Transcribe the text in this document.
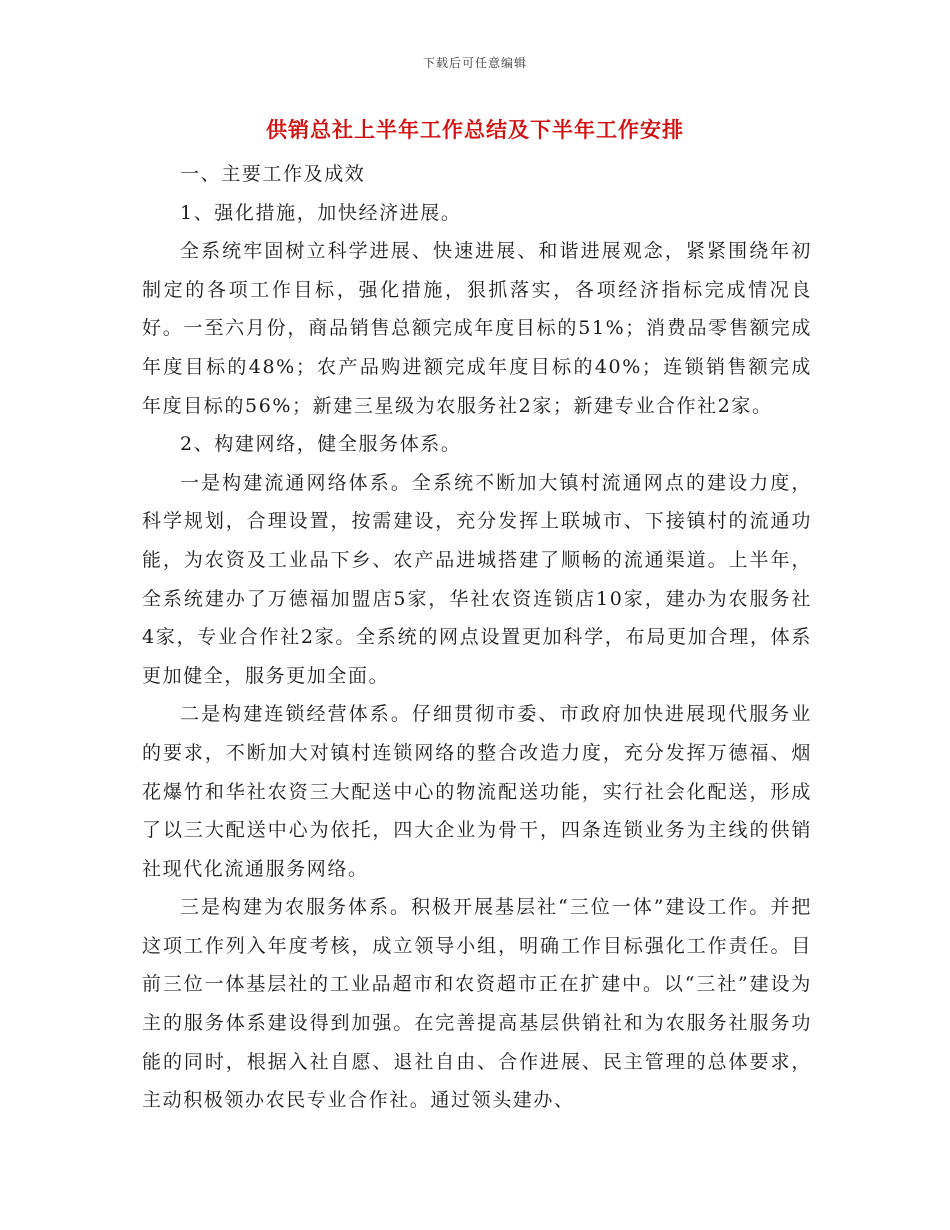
下载后可任意编辑
供销总社上半年工作总结及下半年工作安排

一、主要工作及成效

1、强化措施，加快经济进展。

全系统牢固树立科学进展、快速进展、和谐进展观念，紧紧围绕年初制定的各项工作目标，强化措施，狠抓落实，各项经济指标完成情况良好。一至六月份，商品销售总额完成年度目标的51%；消费品零售额完成年度目标的48%；农产品购进额完成年度目标的40%；连锁销售额完成年度目标的56%；新建三星级为农服务社2家；新建专业合作社2家。

2、构建网络，健全服务体系。

一是构建流通网络体系。全系统不断加大镇村流通网点的建设力度，科学规划，合理设置，按需建设，充分发挥上联城市、下接镇村的流通功能，为农资及工业品下乡、农产品进城搭建了顺畅的流通渠道。上半年，全系统建办了万德福加盟店5家，华社农资连锁店10家，建办为农服务社4家，专业合作社2家。全系统的网点设置更加科学，布局更加合理，体系更加健全，服务更加全面。

二是构建连锁经营体系。仔细贯彻市委、市政府加快进展现代服务业的要求，不断加大对镇村连锁网络的整合改造力度，充分发挥万德福、烟花爆竹和华社农资三大配送中心的物流配送功能，实行社会化配送，形成了以三大配送中心为依托，四大企业为骨干，四条连锁业务为主线的供销社现代化流通服务网络。

三是构建为农服务体系。积极开展基层社“三位一体”建设工作。并把这项工作列入年度考核，成立领导小组，明确工作目标强化工作责任。目前三位一体基层社的工业品超市和农资超市正在扩建中。以“三社”建设为主的服务体系建设得到加强。在完善提高基层供销社和为农服务社服务功能的同时，根据入社自愿、退社自由、合作进展、民主管理的总体要求，主动积极领办农民专业合作社。通过领头建办、
